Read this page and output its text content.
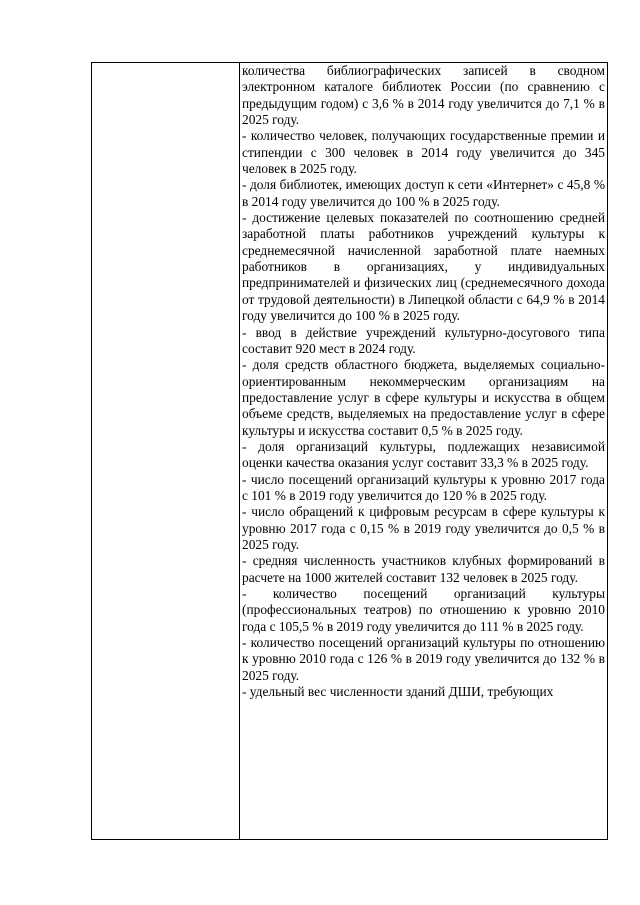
количества библиографических записей в сводном электронном каталоге библиотек России (по сравнению с предыдущим годом) с 3,6 % в 2014 году увеличится до 7,1 % в 2025 году.

- количество человек, получающих государственные премии и стипендии с 300 человек в 2014 году увеличится до 345 человек в 2025 году.

- доля библиотек, имеющих доступ к сети «Интернет» с 45,8 % в 2014 году увеличится до 100 % в 2025 году.

- достижение целевых показателей по соотношению средней заработной платы работников учреждений культуры к среднемесячной начисленной заработной плате наемных работников в организациях, у индивидуальных предпринимателей и физических лиц (среднемесячного дохода от трудовой деятельности) в Липецкой области с 64,9 % в 2014 году увеличится до 100 % в 2025 году.

- ввод в действие учреждений культурно-досугового типа составит 920 мест в 2024 году.

- доля средств областного бюджета, выделяемых социально-ориентированным некоммерческим организациям на предоставление услуг в сфере культуры и искусства в общем объеме средств, выделяемых на предоставление услуг в сфере культуры и искусства составит 0,5 % в 2025 году.

- доля организаций культуры, подлежащих независимой оценки качества оказания услуг составит 33,3 % в 2025 году.

- число посещений организаций культуры к уровню 2017 года с 101 % в 2019 году увеличится до 120 % в 2025 году.

- число обращений к цифровым ресурсам в сфере культуры к уровню 2017 года с 0,15 % в 2019 году увеличится до 0,5 % в 2025 году.

- средняя численность участников клубных формирований в расчете на 1000 жителей составит 132 человек в 2025 году.

- количество посещений организаций культуры (профессиональных театров) по отношению к уровню 2010 года с 105,5 % в 2019 году увеличится до 111 % в 2025 году.

- количество посещений организаций культуры по отношению к уровню 2010 года с 126 % в 2019 году увеличится до 132 % в 2025 году.

- удельный вес численности зданий ДШИ, требующих
